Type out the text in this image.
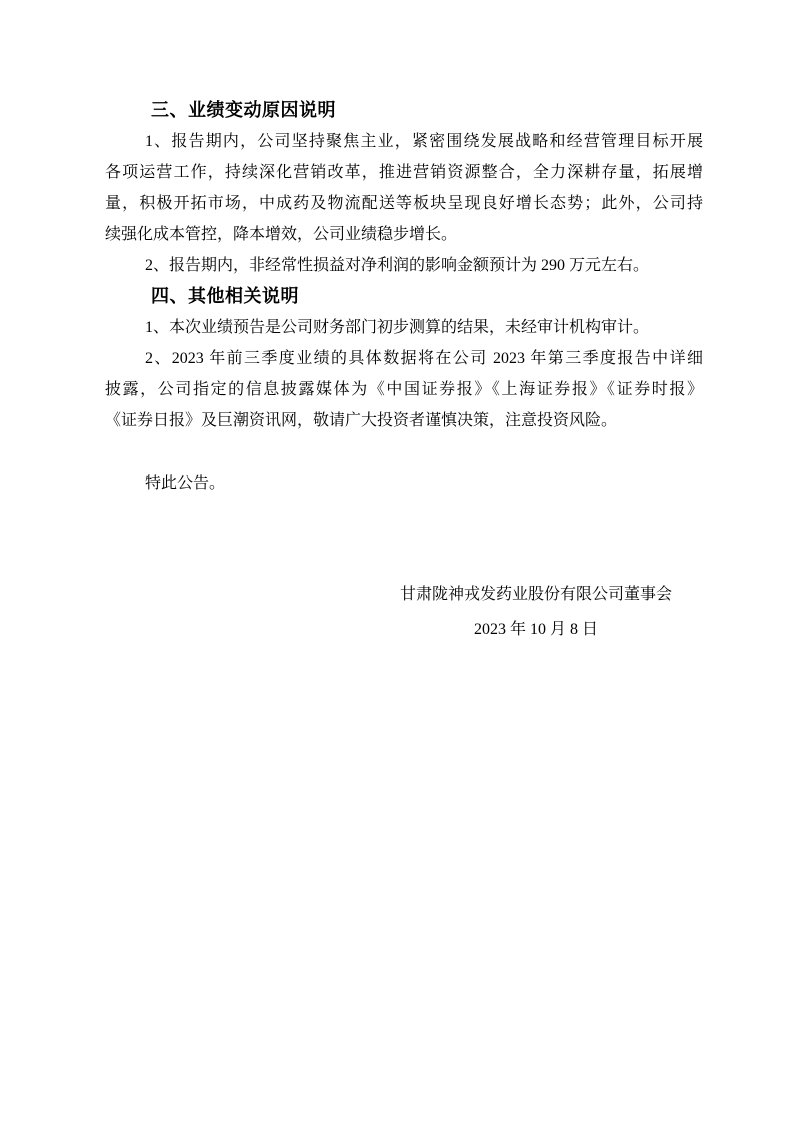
三、业绩变动原因说明

1、报告期内，公司坚持聚焦主业，紧密围绕发展战略和经营管理目标开展
各项运营工作，持续深化营销改革，推进营销资源整合，全力深耕存量，拓展增
量，积极开拓市场，中成药及物流配送等板块呈现良好增长态势；此外，公司持
续强化成本管控，降本增效，公司业绩稳步增长。

2、报告期内，非经常性损益对净利润的影响金额预计为 290 万元左右。

四、其他相关说明

1、本次业绩预告是公司财务部门初步测算的结果，未经审计机构审计。

2、2023 年前三季度业绩的具体数据将在公司 2023 年第三季度报告中详细
披露，公司指定的信息披露媒体为《中国证券报》《上海证券报》《证券时报》
《证券日报》及巨潮资讯网，敬请广大投资者谨慎决策，注意投资风险。

特此公告。

甘肃陇神戎发药业股份有限公司董事会
2023 年 10 月 8 日
